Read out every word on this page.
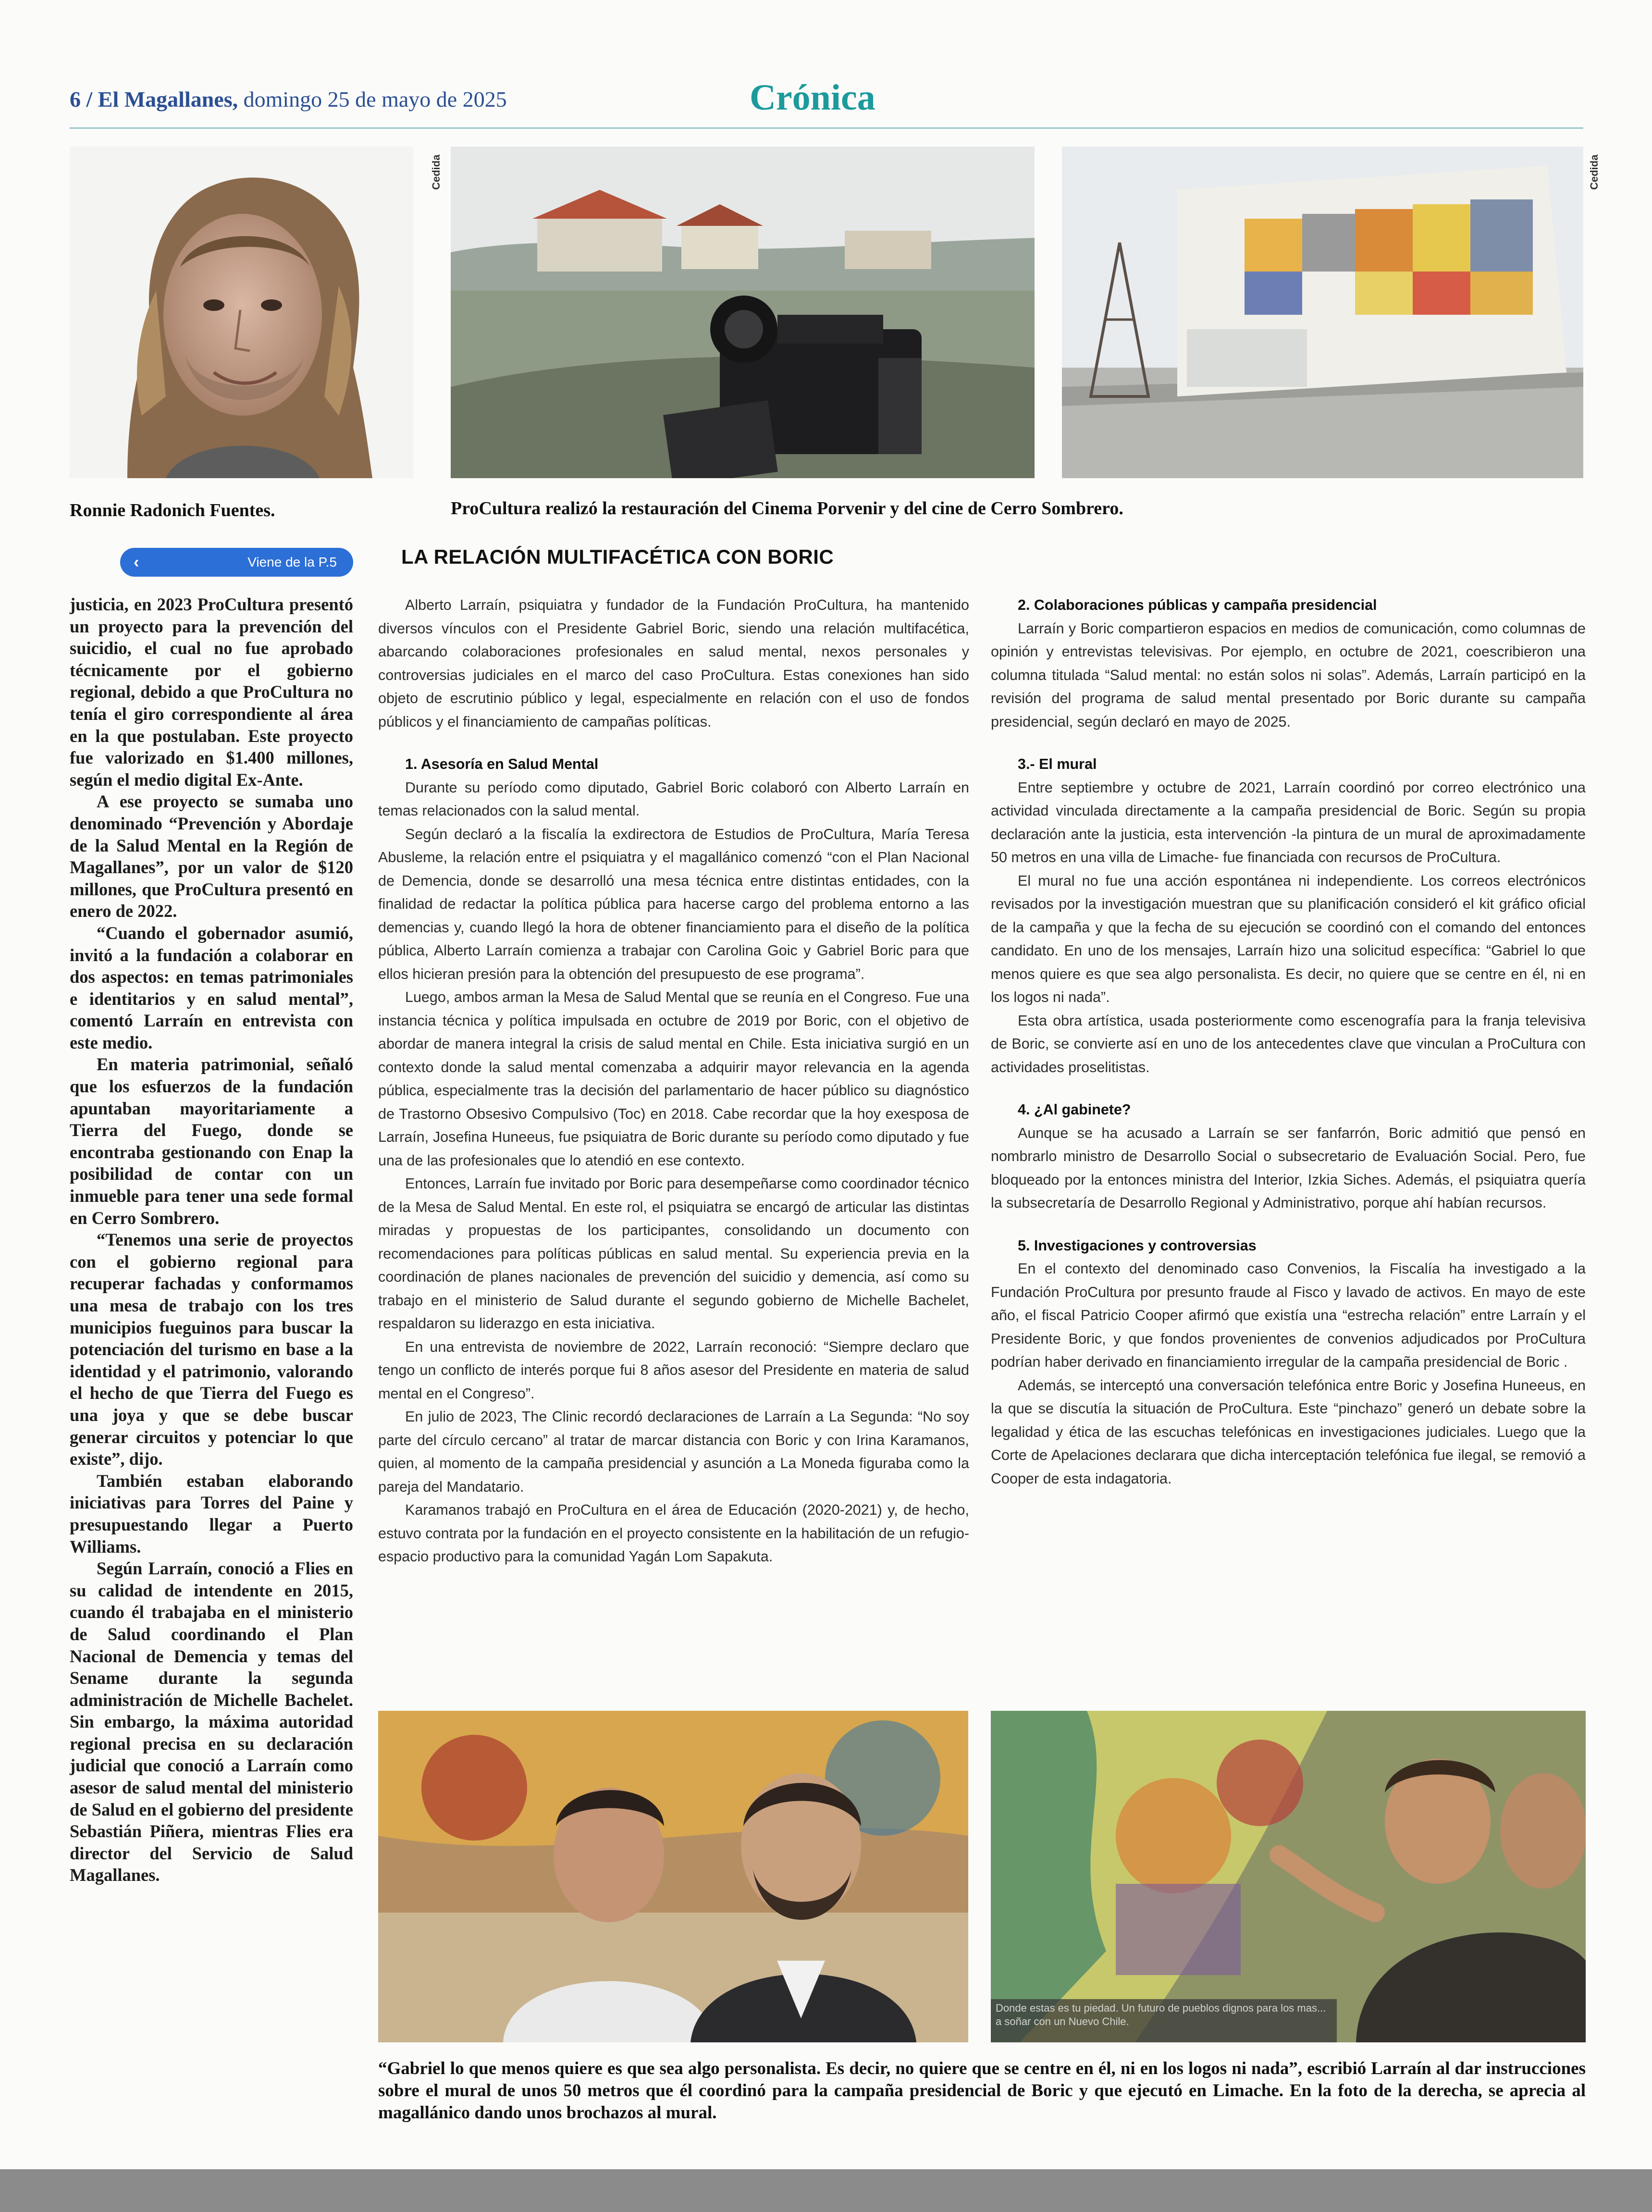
6 / El Magallanes, domingo 25 de mayo de 2025	Crónica
Cedida	Cedida
Ronnie Radonich Fuentes.	ProCultura realizó la restauración del Cinema Porvenir y del cine de Cerro Sombrero.
‹	Viene de la P.5	LA RELACIÓN MULTIFACÉTICA CON BORIC

justicia, en 2023 ProCultura presentó un proyecto para la prevención del suicidio, el cual no fue aprobado técnicamente por el gobierno regional, debido a que ProCultura no tenía el giro correspondiente al área en la que postulaban. Este proyecto fue valorizado en $1.400 millones, según el medio digital Ex-Ante.

A ese proyecto se sumaba uno denominado “Prevención y Abordaje de la Salud Mental en la Región de Magallanes”, por un valor de $120 millones, que ProCultura presentó en enero de 2022.

“Cuando el gobernador asumió, invitó a la fundación a colaborar en dos aspectos: en temas patrimoniales e identitarios y en salud mental”, comentó Larraín en entrevista con este medio.

En materia patrimonial, señaló que los esfuerzos de la fundación apuntaban mayoritariamente a Tierra del Fuego, donde se encontraba gestionando con Enap la posibilidad de contar con un inmueble para tener una sede formal en Cerro Sombrero.

“Tenemos una serie de proyectos con el gobierno regional para recuperar fachadas y conformamos una mesa de trabajo con los tres municipios fueguinos para buscar la potenciación del turismo en base a la identidad y el patrimonio, valorando el hecho de que Tierra del Fuego es una joya y que se debe buscar generar circuitos y potenciar lo que existe”, dijo.

También estaban elaborando iniciativas para Torres del Paine y presupuestando llegar a Puerto Williams.

Según Larraín, conoció a Flies en su calidad de intendente en 2015, cuando él trabajaba en el ministerio de Salud coordinando el Plan Nacional de Demencia y temas del Sename durante la segunda administración de Michelle Bachelet. Sin embargo, la máxima autoridad regional precisa en su declaración judicial que conoció a Larraín como asesor de salud mental del ministerio de Salud en el gobierno del presidente Sebastián Piñera, mientras Flies era director del Servicio de Salud Magallanes.

Alberto Larraín, psiquiatra y fundador de la Fundación ProCultura, ha mantenido diversos vínculos con el Presidente Gabriel Boric, siendo una relación multifacética, abarcando colaboraciones profesionales en salud mental, nexos personales y controversias judiciales en el marco del caso ProCultura. Estas conexiones han sido objeto de escrutinio público y legal, especialmente en relación con el uso de fondos públicos y el financiamiento de campañas políticas.

1. Asesoría en Salud Mental

Durante su período como diputado, Gabriel Boric colaboró con Alberto Larraín en temas relacionados con la salud mental.

Según declaró a la fiscalía la exdirectora de Estudios de ProCultura, María Teresa Abusleme, la relación entre el psiquiatra y el magallánico comenzó “con el Plan Nacional de Demencia, donde se desarrolló una mesa técnica entre distintas entidades, con la finalidad de redactar la política pública para hacerse cargo del problema entorno a las demencias y, cuando llegó la hora de obtener financiamiento para el diseño de la política pública, Alberto Larraín comienza a trabajar con Carolina Goic y Gabriel Boric para que ellos hicieran presión para la obtención del presupuesto de ese programa”.

Luego, ambos arman la Mesa de Salud Mental que se reunía en el Congreso. Fue una instancia técnica y política impulsada en octubre de 2019 por Boric, con el objetivo de abordar de manera integral la crisis de salud mental en Chile. Esta iniciativa surgió en un contexto donde la salud mental comenzaba a adquirir mayor relevancia en la agenda pública, especialmente tras la decisión del parlamentario de hacer público su diagnóstico de Trastorno Obsesivo Compulsivo (Toc) en 2018. Cabe recordar que la hoy exesposa de Larraín, Josefina Huneeus, fue psiquiatra de Boric durante su período como diputado y fue una de las profesionales que lo atendió en ese contexto.

Entonces, Larraín fue invitado por Boric para desempeñarse como coordinador técnico de la Mesa de Salud Mental. En este rol, el psiquiatra se encargó de articular las distintas miradas y propuestas de los participantes, consolidando un documento con recomendaciones para políticas públicas en salud mental. Su experiencia previa en la coordinación de planes nacionales de prevención del suicidio y demencia, así como su trabajo en el ministerio de Salud durante el segundo gobierno de Michelle Bachelet, respaldaron su liderazgo en esta iniciativa.

En una entrevista de noviembre de 2022, Larraín reconoció: “Siempre declaro que tengo un conflicto de interés porque fui 8 años asesor del Presidente en materia de salud mental en el Congreso”.

En julio de 2023, The Clinic recordó declaraciones de Larraín a La Segunda: “No soy parte del círculo cercano” al tratar de marcar distancia con Boric y con Irina Karamanos, quien, al momento de la campaña presidencial y asunción a La Moneda figuraba como la pareja del Mandatario.

Karamanos trabajó en ProCultura en el área de Educación (2020-2021) y, de hecho, estuvo contrata por la fundación en el proyecto consistente en la habilitación de un refugio-espacio productivo para la comunidad Yagán Lom Sapakuta.

2. Colaboraciones públicas y campaña presidencial

Larraín y Boric compartieron espacios en medios de comunicación, como columnas de opinión y entrevistas televisivas. Por ejemplo, en octubre de 2021, coescribieron una columna titulada “Salud mental: no están solos ni solas”. Además, Larraín participó en la revisión del programa de salud mental presentado por Boric durante su campaña presidencial, según declaró en mayo de 2025.

3.- El mural

Entre septiembre y octubre de 2021, Larraín coordinó por correo electrónico una actividad vinculada directamente a la campaña presidencial de Boric. Según su propia declaración ante la justicia, esta intervención -la pintura de un mural de aproximadamente 50 metros en una villa de Limache- fue financiada con recursos de ProCultura.

El mural no fue una acción espontánea ni independiente. Los correos electrónicos revisados por la investigación muestran que su planificación consideró el kit gráfico oficial de la campaña y que la fecha de su ejecución se coordinó con el comando del entonces candidato. En uno de los mensajes, Larraín hizo una solicitud específica: “Gabriel lo que menos quiere es que sea algo personalista. Es decir, no quiere que se centre en él, ni en los logos ni nada”.

Esta obra artística, usada posteriormente como escenografía para la franja televisiva de Boric, se convierte así en uno de los antecedentes clave que vinculan a ProCultura con actividades proselitistas.

4. ¿Al gabinete?

Aunque se ha acusado a Larraín se ser fanfarrón, Boric admitió que pensó en nombrarlo ministro de Desarrollo Social o subsecretario de Evaluación Social. Pero, fue bloqueado por la entonces ministra del Interior, Izkia Siches. Además, el psiquiatra quería la subsecretaría de Desarrollo Regional y Administrativo, porque ahí habían recursos.

5. Investigaciones y controversias

En el contexto del denominado caso Convenios, la Fiscalía ha investigado a la Fundación ProCultura por presunto fraude al Fisco y lavado de activos. En mayo de este año, el fiscal Patricio Cooper afirmó que existía una “estrecha relación” entre Larraín y el Presidente Boric, y que fondos provenientes de convenios adjudicados por ProCultura podrían haber derivado en financiamiento irregular de la campaña presidencial de Boric .

Además, se interceptó una conversación telefónica entre Boric y Josefina Huneeus, en la que se discutía la situación de ProCultura. Este “pinchazo” generó un debate sobre la legalidad y ética de las escuchas telefónicas en investigaciones judiciales. Luego que la Corte de Apelaciones declarara que dicha interceptación telefónica fue ilegal, se removió a Cooper de esta indagatoria.

Donde estas es tu piedad. Un futuro de pueblos dignos para los mas... a soñar con un Nuevo Chile.
“Gabriel lo que menos quiere es que sea algo personalista. Es decir, no quiere que se centre en él, ni en los logos ni nada”, escribió Larraín al dar instrucciones sobre el mural de unos 50 metros que él coordinó para la campaña presidencial de Boric y que ejecutó en Limache. En la foto de la derecha, se aprecia al magallánico dando unos brochazos al mural.
